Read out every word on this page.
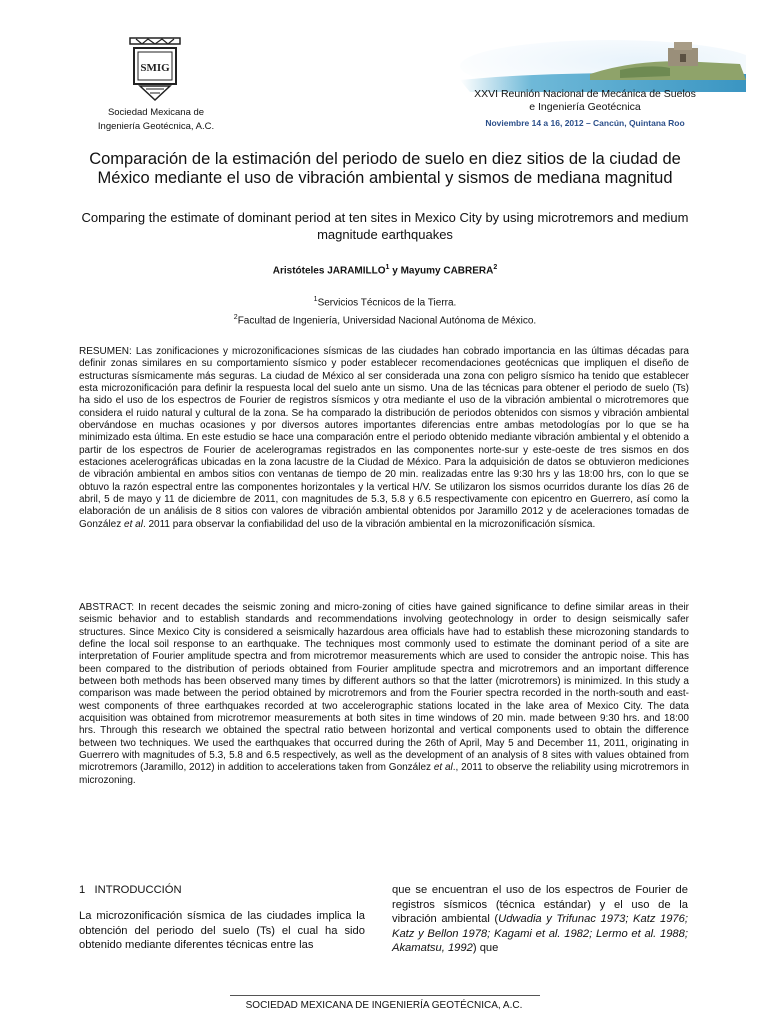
SMIG
Sociedad Mexicana de
Ingeniería Geotécnica, A.C.
XXVI Reunión Nacional de Mecánica de Suelos
e Ingeniería Geotécnica
Noviembre 14 a 16, 2012 – Cancún, Quintana Roo
Comparación de la estimación del periodo de suelo en diez sitios de la ciudad de México mediante el uso de vibración ambiental y sismos de mediana magnitud
Comparing the estimate of dominant period at ten sites in Mexico City by using microtremors and medium magnitude earthquakes
Aristóteles JARAMILLO$^1$ y Mayumy CABRERA$^2$
$^1$Servicios Técnicos de la Tierra.
$^2$Facultad de Ingeniería, Universidad Nacional Autónoma de México.
RESUMEN: Las zonificaciones y microzonificaciones sísmicas de las ciudades han cobrado importancia en las últimas décadas para definir zonas similares en su comportamiento sísmico y poder establecer recomendaciones geotécnicas que impliquen el diseño de estructuras sísmicamente más seguras. La ciudad de México al ser considerada una zona con peligro sísmico ha tenido que establecer esta microzonificación para definir la respuesta local del suelo ante un sismo. Una de las técnicas para obtener el periodo de suelo (Ts) ha sido el uso de los espectros de Fourier de registros sísmicos y otra mediante el uso de la vibración ambiental o microtremores que considera el ruido natural y cultural de la zona. Se ha comparado la distribución de periodos obtenidos con sismos y vibración ambiental obervándose en muchas ocasiones y por diversos autores importantes diferencias entre ambas metodologías por lo que se ha minimizado esta última. En este estudio se hace una comparación entre el periodo obtenido mediante vibración ambiental y el obtenido a partir de los espectros de Fourier de acelerogramas registrados en las componentes norte-sur y este-oeste de tres sismos en dos estaciones acelerográficas ubicadas en la zona lacustre de la Ciudad de México. Para la adquisición de datos se obtuvieron mediciones de vibración ambiental en ambos sitios con ventanas de tiempo de 20 min. realizadas entre las 9:30 hrs y las 18:00 hrs, con lo que se obtuvo la razón espectral entre las componentes horizontales y la vertical H/V. Se utilizaron los sismos ocurridos durante los días 26 de abril, 5 de mayo y 11 de diciembre de 2011, con magnitudes de 5.3, 5.8 y 6.5 respectivamente con epicentro en Guerrero, así como la elaboración de un análisis de 8 sitios con valores de vibración ambiental obtenidos por Jaramillo 2012 y de aceleraciones tomadas de González et al. 2011 para observar la confiabilidad del uso de la vibración ambiental en la microzonificación sísmica.
ABSTRACT: In recent decades the seismic zoning and micro-zoning of cities have gained significance to define similar areas in their seismic behavior and to establish standards and recommendations involving geotechnology in order to design seismically safer structures. Since Mexico City is considered a seismically hazardous area officials have had to establish these microzoning standards to define the local soil response to an earthquake. The techniques most commonly used to estimate the dominant period of a site are interpretation of Fourier amplitude spectra and from microtremor measurements which are used to consider the antropic noise. This has been compared to the distribution of periods obtained from Fourier amplitude spectra and microtremors and an important difference between both methods has been observed many times by different authors so that the latter (microtremors) is minimized. In this study a comparison was made between the period obtained by microtremors and from the Fourier spectra recorded in the north-south and east-west components of three earthquakes recorded at two accelerographic stations located in the lake area of Mexico City. The data acquisition was obtained from microtremor measurements at both sites in time windows of 20 min. made between 9:30 hrs. and 18:00 hrs. Through this research we obtained the spectral ratio between horizontal and vertical components used to obtain the difference between two techniques. We used the earthquakes that occurred during the 26th of April, May 5 and December 11, 2011, originating in Guerrero with magnitudes of 5.3, 5.8 and 6.5 respectively, as well as the development of an analysis of 8 sites with values obtained from microtremors (Jaramillo, 2012) in addition to accelerations taken from González et al., 2011 to observe the reliability using microtremors in microzoning.
1   INTRODUCCIÓN
La microzonificación sísmica de las ciudades implica la obtención del periodo del suelo (Ts) el cual ha sido obtenido mediante diferentes técnicas entre las
que se encuentran el uso de los espectros de Fourier de registros sísmicos (técnica estándar) y el uso de la vibración ambiental (Udwadia y Trifunac 1973; Katz 1976; Katz y Bellon 1978; Kagami et al. 1982; Lermo et al. 1988; Akamatsu, 1992) que
SOCIEDAD MEXICANA DE INGENIERÍA GEOTÉCNICA, A.C.
